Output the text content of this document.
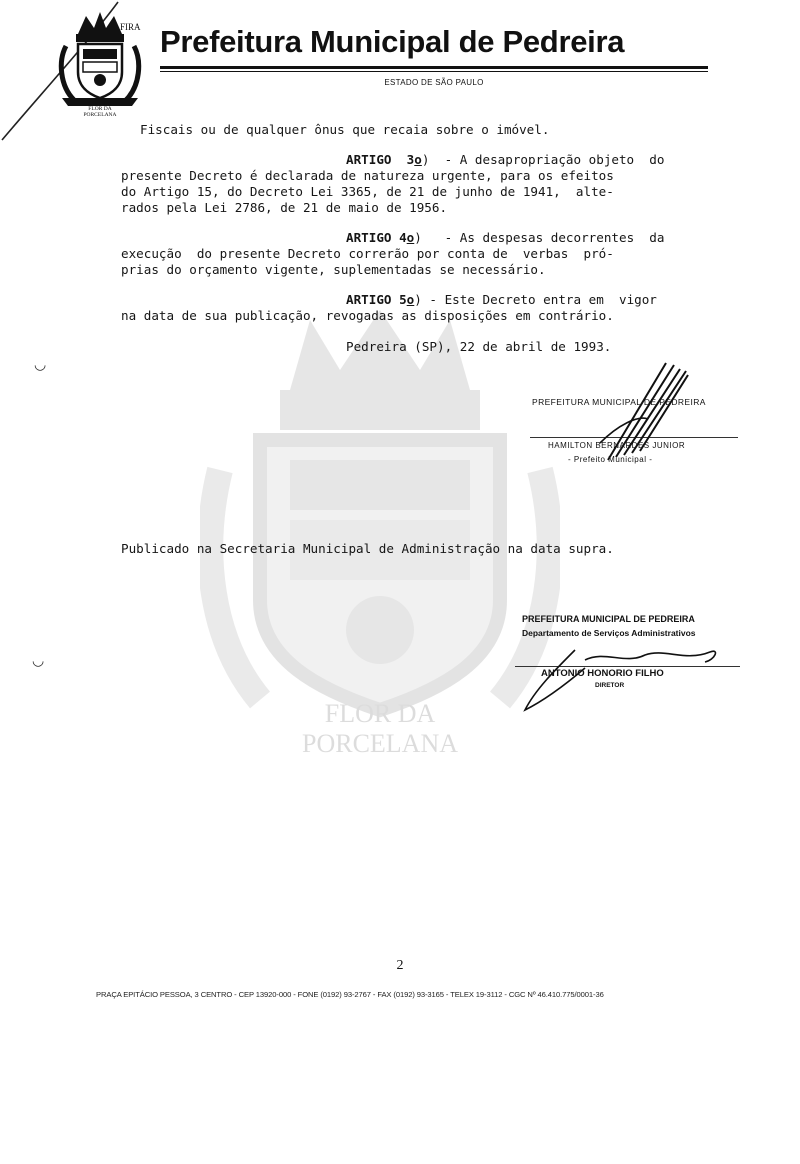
FLOR DA
PORCELANA
FIRA Prefeitura Municipal de Pedreira
ESTADO DE SÃO PAULO
FLOR DA
PORCELANA
Fiscais ou de qualquer ônus que recaia sobre o imóvel.
ARTIGO  3o)  - A desapropriação objeto  do
presente Decreto é declarada de natureza urgente, para os efeitos
do Artigo 15, do Decreto Lei 3365, de 21 de junho de 1941,  alte-
rados pela Lei 2786, de 21 de maio de 1956.
ARTIGO 4o)   - As despesas decorrentes  da
execução  do presente Decreto correrão por conta de  verbas  pró-
prias do orçamento vigente, suplementadas se necessário.
ARTIGO 5o) - Este Decreto entra em  vigor
na data de sua publicação, revogadas as disposições em contrário.
Pedreira (SP), 22 de abril de 1993.
◡
◡
PREFEITURA MUNICIPAL DE PEDREIRA
HAMILTON BERNARDES JUNIOR
- Prefeito Municipal -
Publicado na Secretaria Municipal de Administração na data supra.
PREFEITURA MUNICIPAL DE PEDREIRA
Departamento de Serviços Administrativos
ANTONIO HONORIO FILHO
DIRETOR
2
PRAÇA EPITÁCIO PESSOA, 3 CENTRO - CEP 13920-000 - FONE (0192) 93-2767 - FAX (0192) 93-3165 - TELEX 19-3112 - CGC Nº 46.410.775/0001-36
